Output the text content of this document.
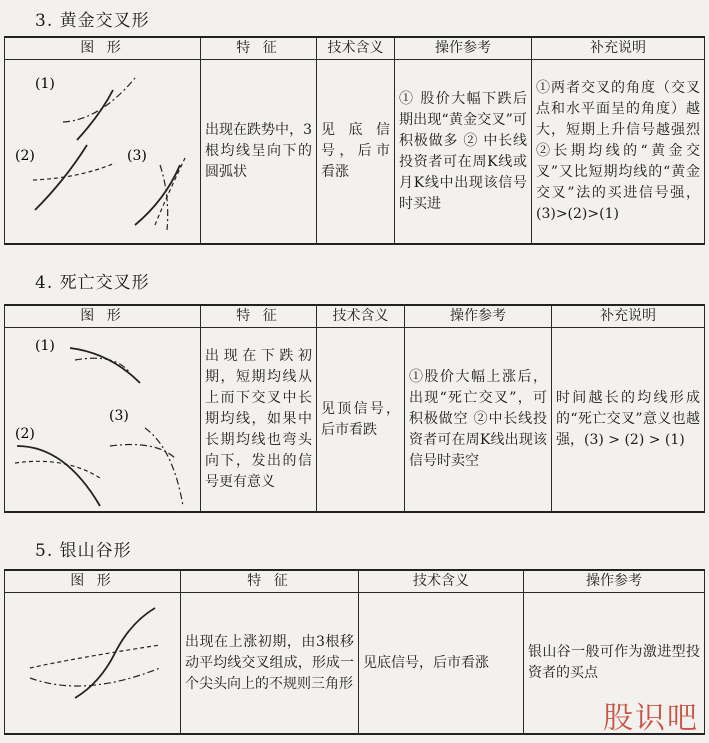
3. 黄金交叉形
图 形	特 征	技术含义	操作参考	补充说明

(1)
(2) (3)	出现在跌势中，3根均线呈向下的圆弧状	见底信号，后市看涨	① 股价大幅下跌后期出现“黄金交叉”可积极做多 ② 中长线投资者可在周K线或月K线中出现该信号时买进	①两者交叉的角度（交叉点和水平面呈的角度）越大，短期上升信号越强烈 ②长期均线的“黄金交叉”又比短期均线的“黄金交叉”法的买进信号强，(3)>(2)>(1)
4. 死亡交叉形
图 形	特 征	技术含义	操作参考	补充说明

(1)
(2)
(3)	出现在下跌初期，短期均线从上而下交叉中长期均线，如果中长期均线也弯头向下，发出的信号更有意义	见顶信号，后市看跌	①股价大幅上涨后，出现“死亡交叉”，可积极做空 ②中长线投资者可在周K线出现该信号时卖空	时间越长的均线形成的“死亡交叉”意义也越强，(3) > (2) > (1)
5. 银山谷形
图 形	特 征	技术含义	操作参考

	出现在上涨初期，由3根移动平均线交叉组成，形成一个尖头向上的不规则三角形	见底信号，后市看涨	银山谷一般可作为激进型投资者的买点
股识吧
